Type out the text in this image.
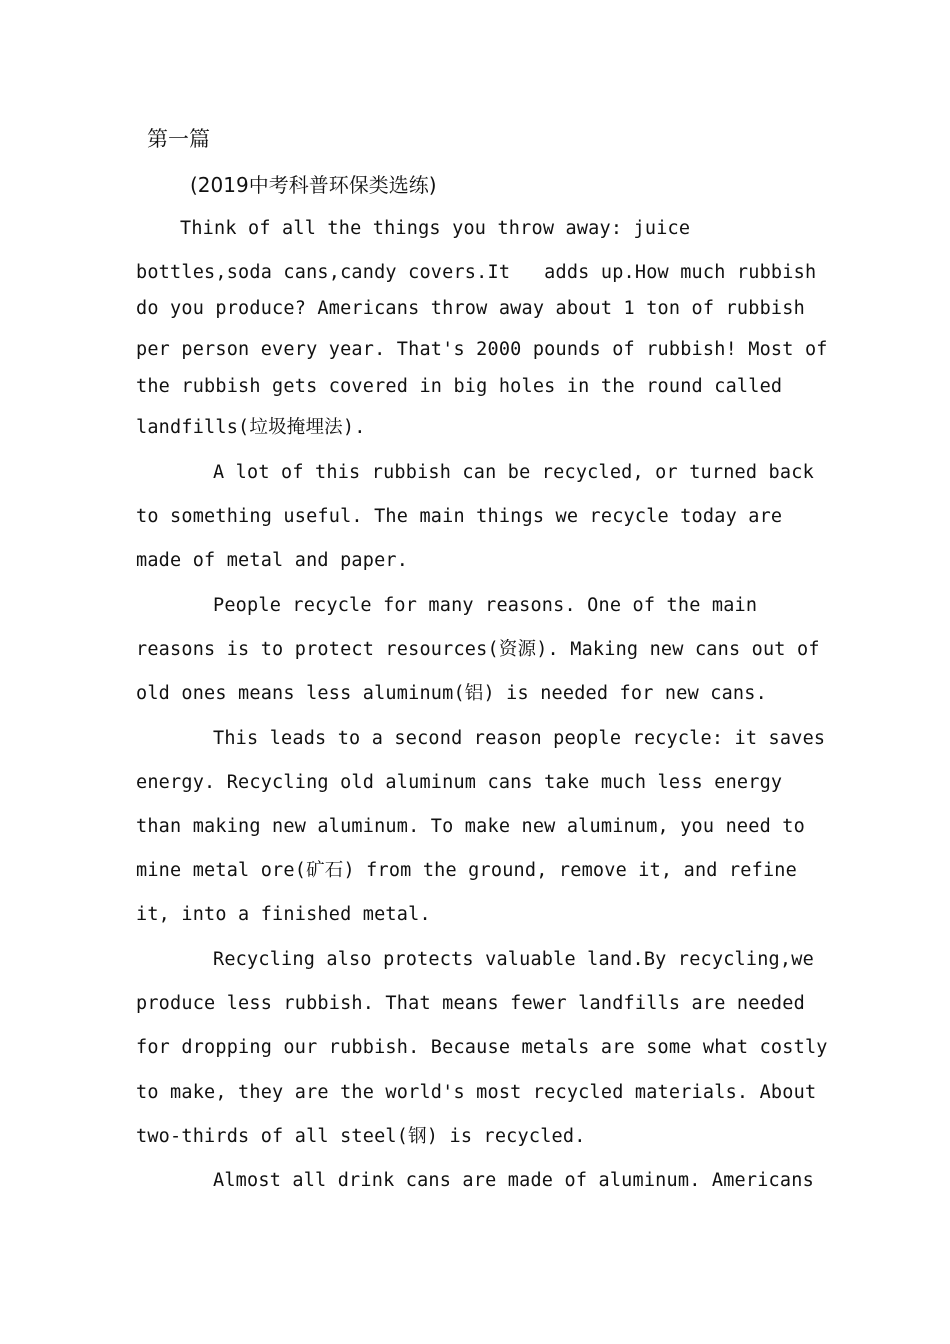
第一篇
(2019中考科普环保类选练)
Think of all the things you throw away: juice
bottles,soda cans,candy covers.It   adds up.How much rubbish
do you produce? Americans throw away about 1 ton of rubbish
per person every year. That's 2000 pounds of rubbish! Most of
the rubbish gets covered in big holes in the round called
landfills(垃圾掩埋法).
A lot of this rubbish can be recycled, or turned back
to something useful. The main things we recycle today are
made of metal and paper.
People recycle for many reasons. One of the main
reasons is to protect resources(资源). Making new cans out of
old ones means less aluminum(铝) is needed for new cans.
This leads to a second reason people recycle: it saves
energy. Recycling old aluminum cans take much less energy
than making new aluminum. To make new aluminum, you need to
mine metal ore(矿石) from the ground, remove it, and refine
it, into a finished metal.
Recycling also protects valuable land.By recycling,we
produce less rubbish. That means fewer landfills are needed
for dropping our rubbish. Because metals are some what costly
to make, they are the world's most recycled materials. About
two-thirds of all steel(钢) is recycled.
Almost all drink cans are made of aluminum. Americans
